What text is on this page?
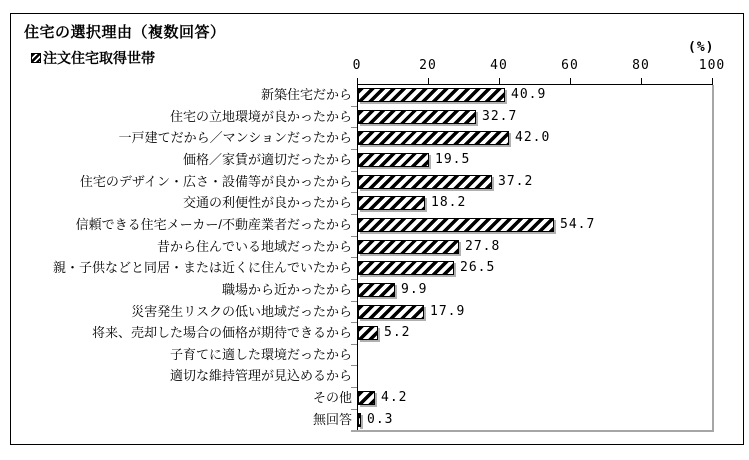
住宅の選択理由（複数回答）
注文住宅取得世帯
(%)
0	20	40	60	80	100
新築住宅だから	40.9
住宅の立地環境が良かったから	32.7
一戸建てだから／マンションだったから	42.0
価格／家賃が適切だったから	19.5
住宅のデザイン・広さ・設備等が良かったから	37.2
交通の利便性が良かったから	18.2
信頼できる住宅メーカー/不動産業者だったから	54.7
昔から住んでいる地域だったから	27.8
親・子供などと同居・または近くに住んでいたから	26.5
職場から近かったから	9.9
災害発生リスクの低い地域だったから	17.9
将来、売却した場合の価格が期待できるから 5.2
子育てに適した環境だったから
適切な維持管理が見込めるから
その他 4.2
無回答 0.3
